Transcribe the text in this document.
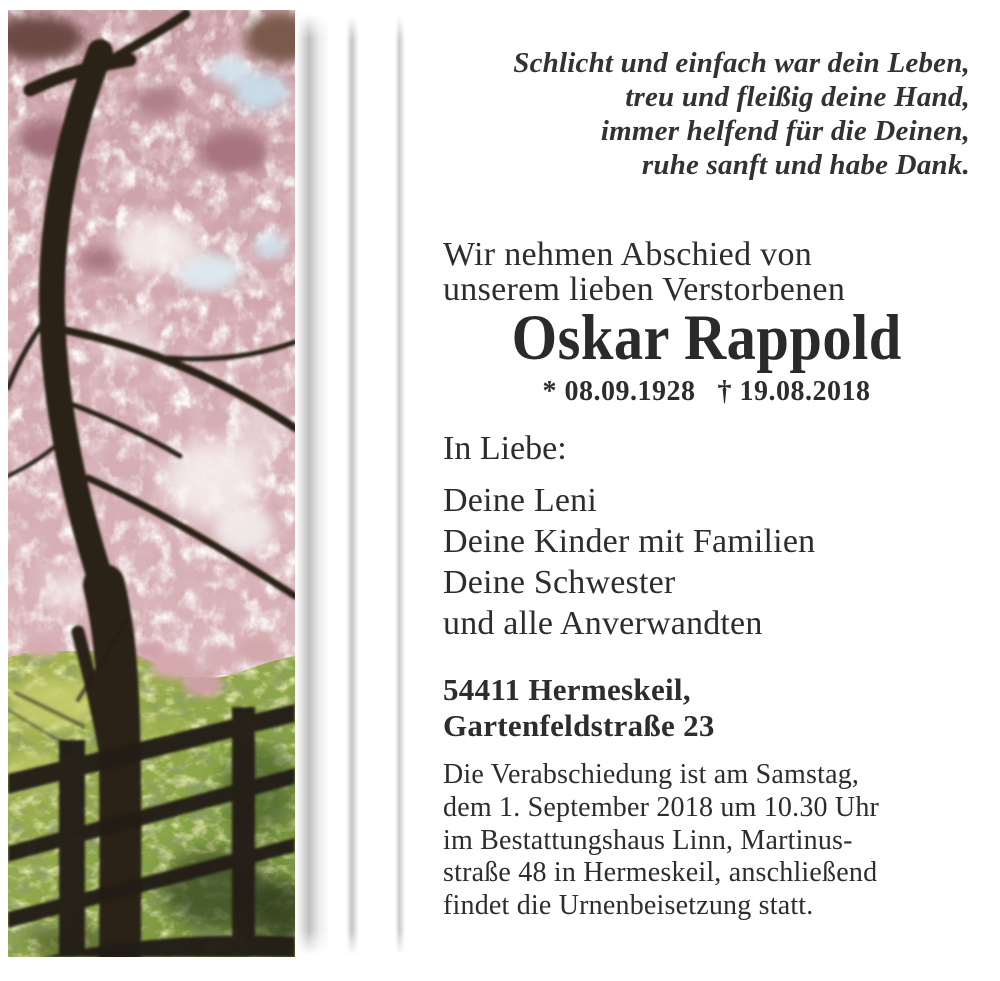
Schlicht und einfach war dein Leben,
treu und fleißig deine Hand,
immer helfend für die Deinen,
ruhe sanft und habe Dank.
Wir nehmen Abschied von
unserem lieben Verstorbenen
Oskar Rappold
* 08.09.1928 † 19.08.2018
In Liebe:
Deine Leni
Deine Kinder mit Familien
Deine Schwester
und alle Anverwandten
54411 Hermeskeil,
Gartenfeldstraße 23
Die Verabschiedung ist am Samstag,
dem 1. September 2018 um 10.30 Uhr
im Bestattungshaus Linn, Martinus-
straße 48 in Hermeskeil, anschließend
findet die Urnenbeisetzung statt.
